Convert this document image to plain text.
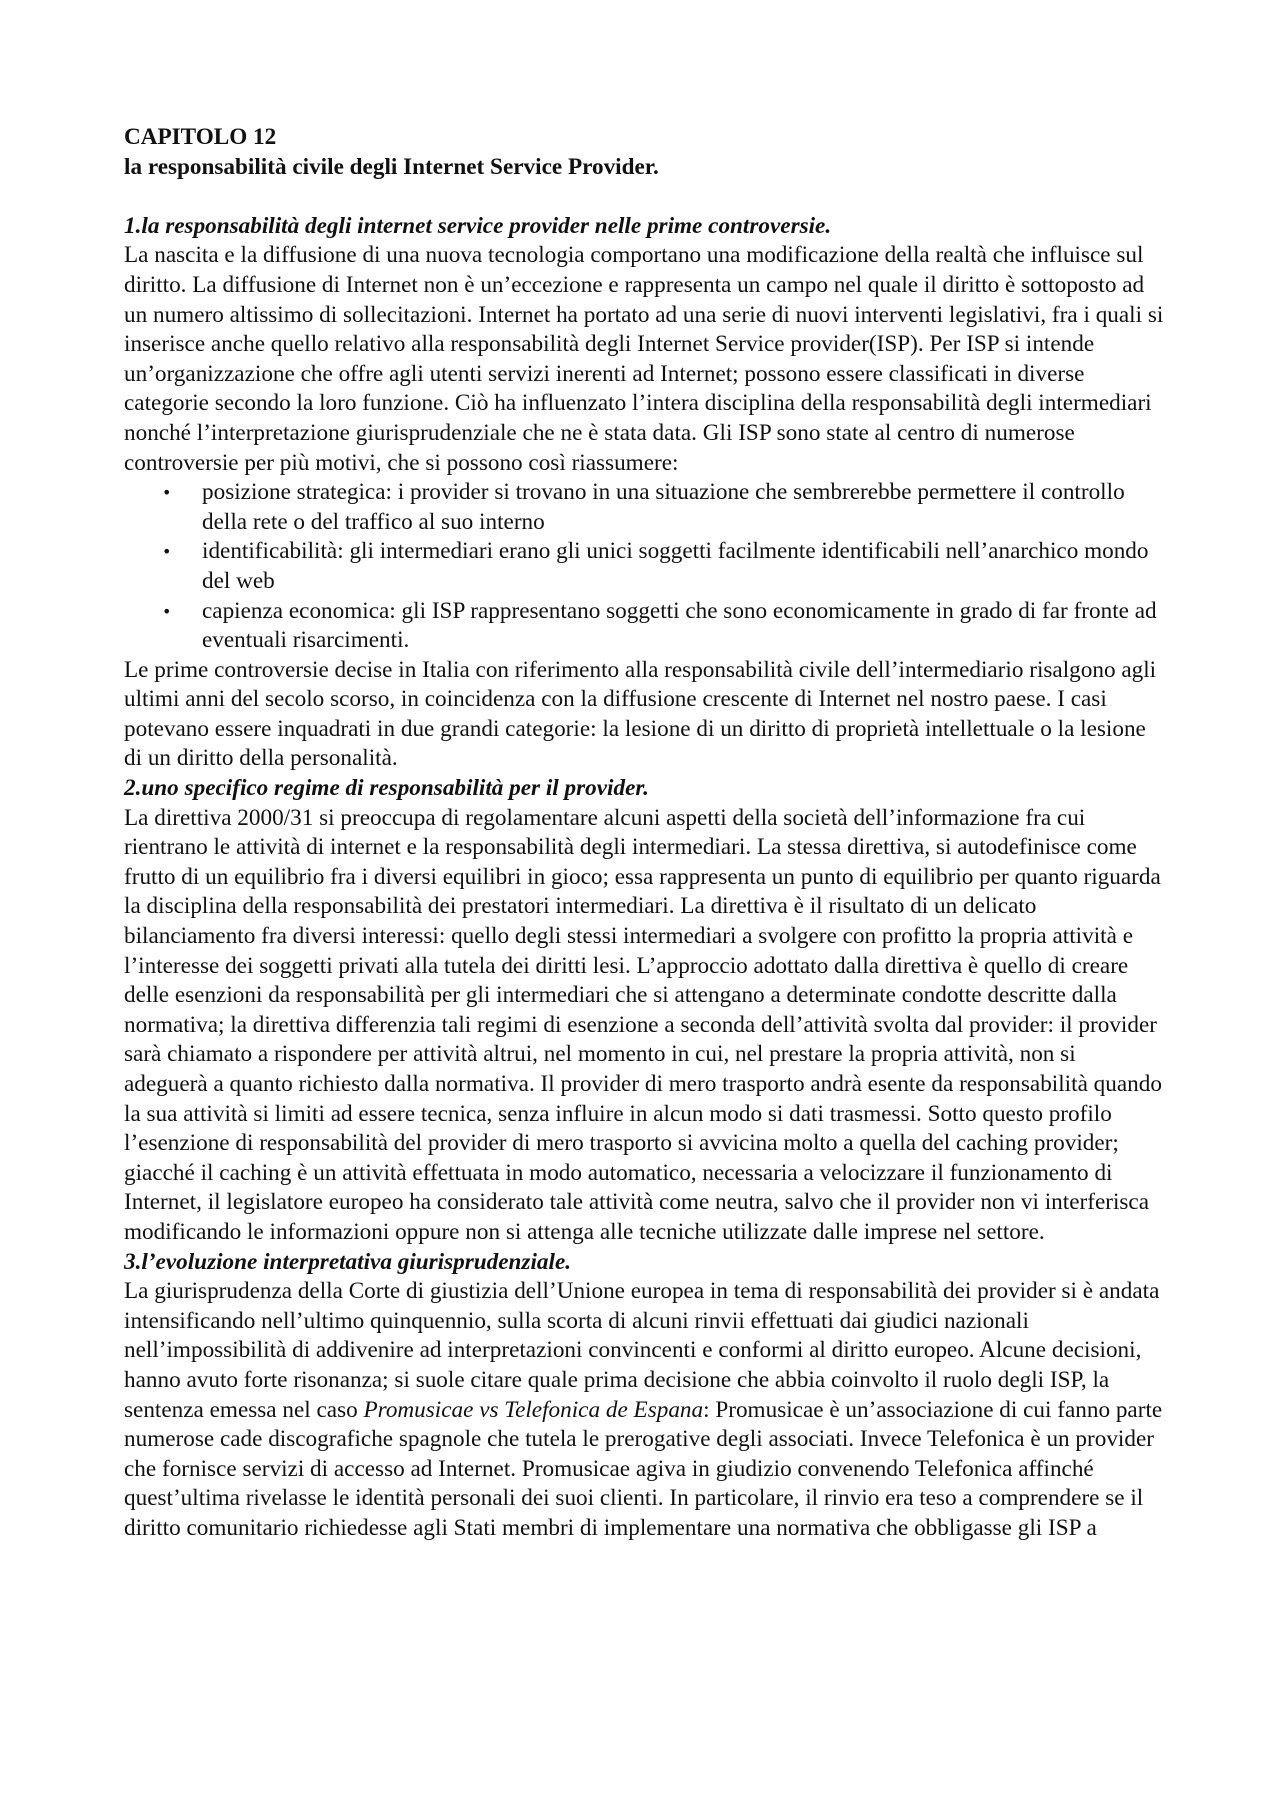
CAPITOLO 12
la responsabilità civile degli Internet Service Provider.
1.la responsabilità degli internet service provider nelle prime controversie.

La nascita e la diffusione di una nuova tecnologia comportano una modificazione della realtà che influisce sul diritto. La diffusione di Internet non è un’eccezione e rappresenta un campo nel quale il diritto è sottoposto ad un numero altissimo di sollecitazioni. Internet ha portato ad una serie di nuovi interventi legislativi, fra i quali si inserisce anche quello relativo alla responsabilità degli Internet Service provider(ISP). Per ISP si intende un’organizzazione che offre agli utenti servizi inerenti ad Internet; possono essere classificati in diverse categorie secondo la loro funzione. Ciò ha influenzato l’intera disciplina della responsabilità degli intermediari nonché l’interpretazione giurisprudenziale che ne è stata data. Gli ISP sono state al centro di numerose controversie per più motivi, che si possono così riassumere:

• posizione strategica: i provider si trovano in una situazione che sembrerebbe permettere il controllo della rete o del traffico al suo interno
• identificabilità: gli intermediari erano gli unici soggetti facilmente identificabili nell’anarchico mondo del web
• capienza economica: gli ISP rappresentano soggetti che sono economicamente in grado di far fronte ad eventuali risarcimenti.

Le prime controversie decise in Italia con riferimento alla responsabilità civile dell’intermediario risalgono agli ultimi anni del secolo scorso, in coincidenza con la diffusione crescente di Internet nel nostro paese. I casi potevano essere inquadrati in due grandi categorie: la lesione di un diritto di proprietà intellettuale o la lesione di un diritto della personalità.

2.uno specifico regime di responsabilità per il provider.

La direttiva 2000/31 si preoccupa di regolamentare alcuni aspetti della società dell’informazione fra cui rientrano le attività di internet e la responsabilità degli intermediari. La stessa direttiva, si autodefinisce come frutto di un equilibrio fra i diversi equilibri in gioco; essa rappresenta un punto di equilibrio per quanto riguarda la disciplina della responsabilità dei prestatori intermediari. La direttiva è il risultato di un delicato bilanciamento fra diversi interessi: quello degli stessi intermediari a svolgere con profitto la propria attività e l’interesse dei soggetti privati alla tutela dei diritti lesi. L’approccio adottato dalla direttiva è quello di creare delle esenzioni da responsabilità per gli intermediari che si attengano a determinate condotte descritte dalla normativa; la direttiva differenzia tali regimi di esenzione a seconda dell’attività svolta dal provider: il provider sarà chiamato a rispondere per attività altrui, nel momento in cui, nel prestare la propria attività, non si adeguerà a quanto richiesto dalla normativa. Il provider di mero trasporto andrà esente da responsabilità quando la sua attività si limiti ad essere tecnica, senza influire in alcun modo si dati trasmessi. Sotto questo profilo l’esenzione di responsabilità del provider di mero trasporto si avvicina molto a quella del caching provider; giacché il caching è un attività effettuata in modo automatico, necessaria a velocizzare il funzionamento di Internet, il legislatore europeo ha considerato tale attività come neutra, salvo che il provider non vi interferisca modificando le informazioni oppure non si attenga alle tecniche utilizzate dalle imprese nel settore.

3.l’evoluzione interpretativa giurisprudenziale.

La giurisprudenza della Corte di giustizia dell’Unione europea in tema di responsabilità dei provider si è andata intensificando nell’ultimo quinquennio, sulla scorta di alcuni rinvii effettuati dai giudici nazionali nell’impossibilità di addivenire ad interpretazioni convincenti e conformi al diritto europeo. Alcune decisioni, hanno avuto forte risonanza; si suole citare quale prima decisione che abbia coinvolto il ruolo degli ISP, la sentenza emessa nel caso Promusicae vs Telefonica de Espana: Promusicae è un’associazione di cui fanno parte numerose cade discografiche spagnole che tutela le prerogative degli associati. Invece Telefonica è un provider che fornisce servizi di accesso ad Internet. Promusicae agiva in giudizio convenendo Telefonica affinché quest’ultima rivelasse le identità personali dei suoi clienti. In particolare, il rinvio era teso a comprendere se il diritto comunitario richiedesse agli Stati membri di implementare una normativa che obbligasse gli ISP a
